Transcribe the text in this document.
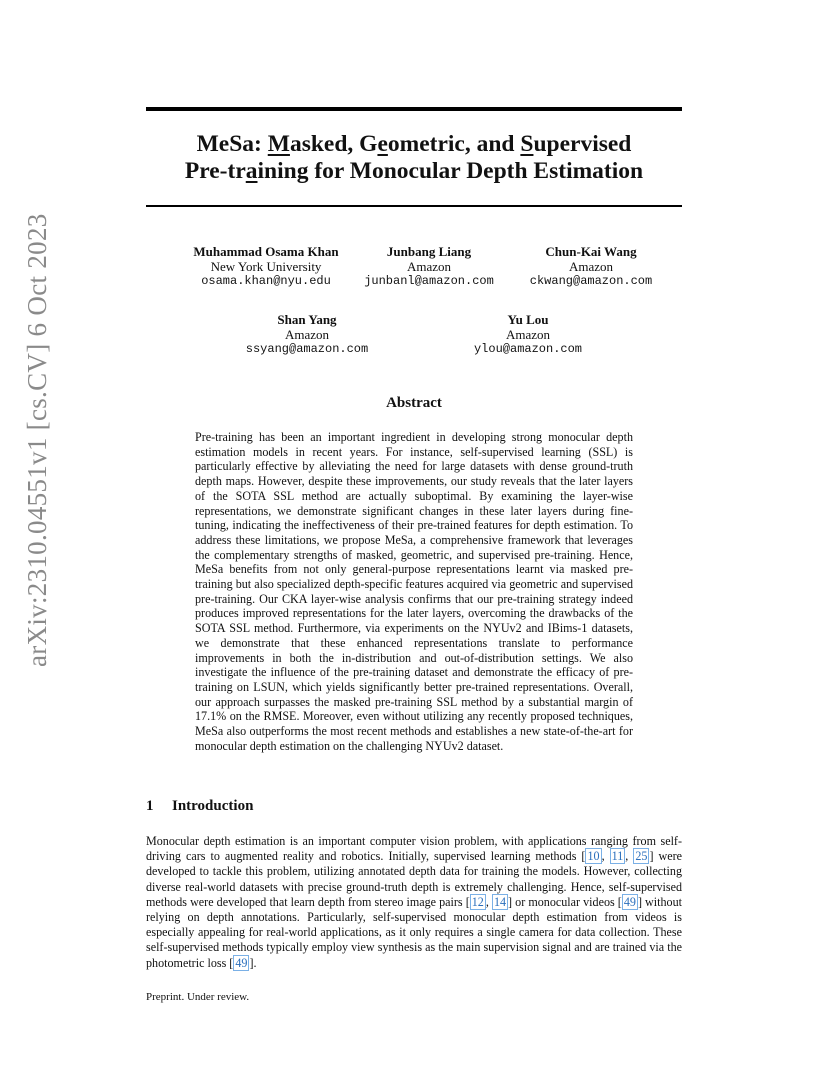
arXiv:2310.04551v1 [cs.CV] 6 Oct 2023
MeSa: Masked, Geometric, and Supervised
Pre-training for Monocular Depth Estimation
Muhammad Osama Khan
New York University
osama.khan@nyu.edu
Junbang Liang
Amazon
junbanl@amazon.com
Chun-Kai Wang
Amazon
ckwang@amazon.com
Shan Yang
Amazon
ssyang@amazon.com
Yu Lou
Amazon
ylou@amazon.com
Abstract

Pre-training has been an important ingredient in developing strong monocular depth estimation models in recent years. For instance, self-supervised learning (SSL) is particularly effective by alleviating the need for large datasets with dense ground-truth depth maps. However, despite these improvements, our study reveals that the later layers of the SOTA SSL method are actually suboptimal. By examining the layer-wise representations, we demonstrate significant changes in these later layers during fine-tuning, indicating the ineffectiveness of their pre-trained features for depth estimation. To address these limitations, we propose MeSa, a comprehensive framework that leverages the complementary strengths of masked, geometric, and supervised pre-training. Hence, MeSa benefits from not only general-purpose representations learnt via masked pre-training but also specialized depth-specific features acquired via geometric and supervised pre-training. Our CKA layer-wise analysis confirms that our pre-training strategy indeed produces improved representations for the later layers, overcoming the drawbacks of the SOTA SSL method. Furthermore, via experiments on the NYUv2 and IBims-1 datasets, we demonstrate that these enhanced representations translate to performance improvements in both the in-distribution and out-of-distribution settings. We also investigate the influence of the pre-training dataset and demonstrate the efficacy of pre-training on LSUN, which yields significantly better pre-trained representations. Overall, our approach surpasses the masked pre-training SSL method by a substantial margin of 17.1% on the RMSE. Moreover, even without utilizing any recently proposed techniques, MeSa also outperforms the most recent methods and establishes a new state-of-the-art for monocular depth estimation on the challenging NYUv2 dataset.

1 Introduction

Monocular depth estimation is an important computer vision problem, with applications ranging from self-driving cars to augmented reality and robotics. Initially, supervised learning methods [ 10 , 11 , 25 ] were developed to tackle this problem, utilizing annotated depth data for training the models. However, collecting diverse real-world datasets with precise ground-truth depth is extremely challenging. Hence, self-supervised methods were developed that learn depth from stereo image pairs [ 12 , 14 ] or monocular videos [ 49 ] without relying on depth annotations. Particularly, self-supervised monocular depth estimation from videos is especially appealing for real-world applications, as it only requires a single camera for data collection. These self-supervised methods typically employ view synthesis as the main supervision signal and are trained via the photometric loss [ 49 ].

Preprint. Under review.
